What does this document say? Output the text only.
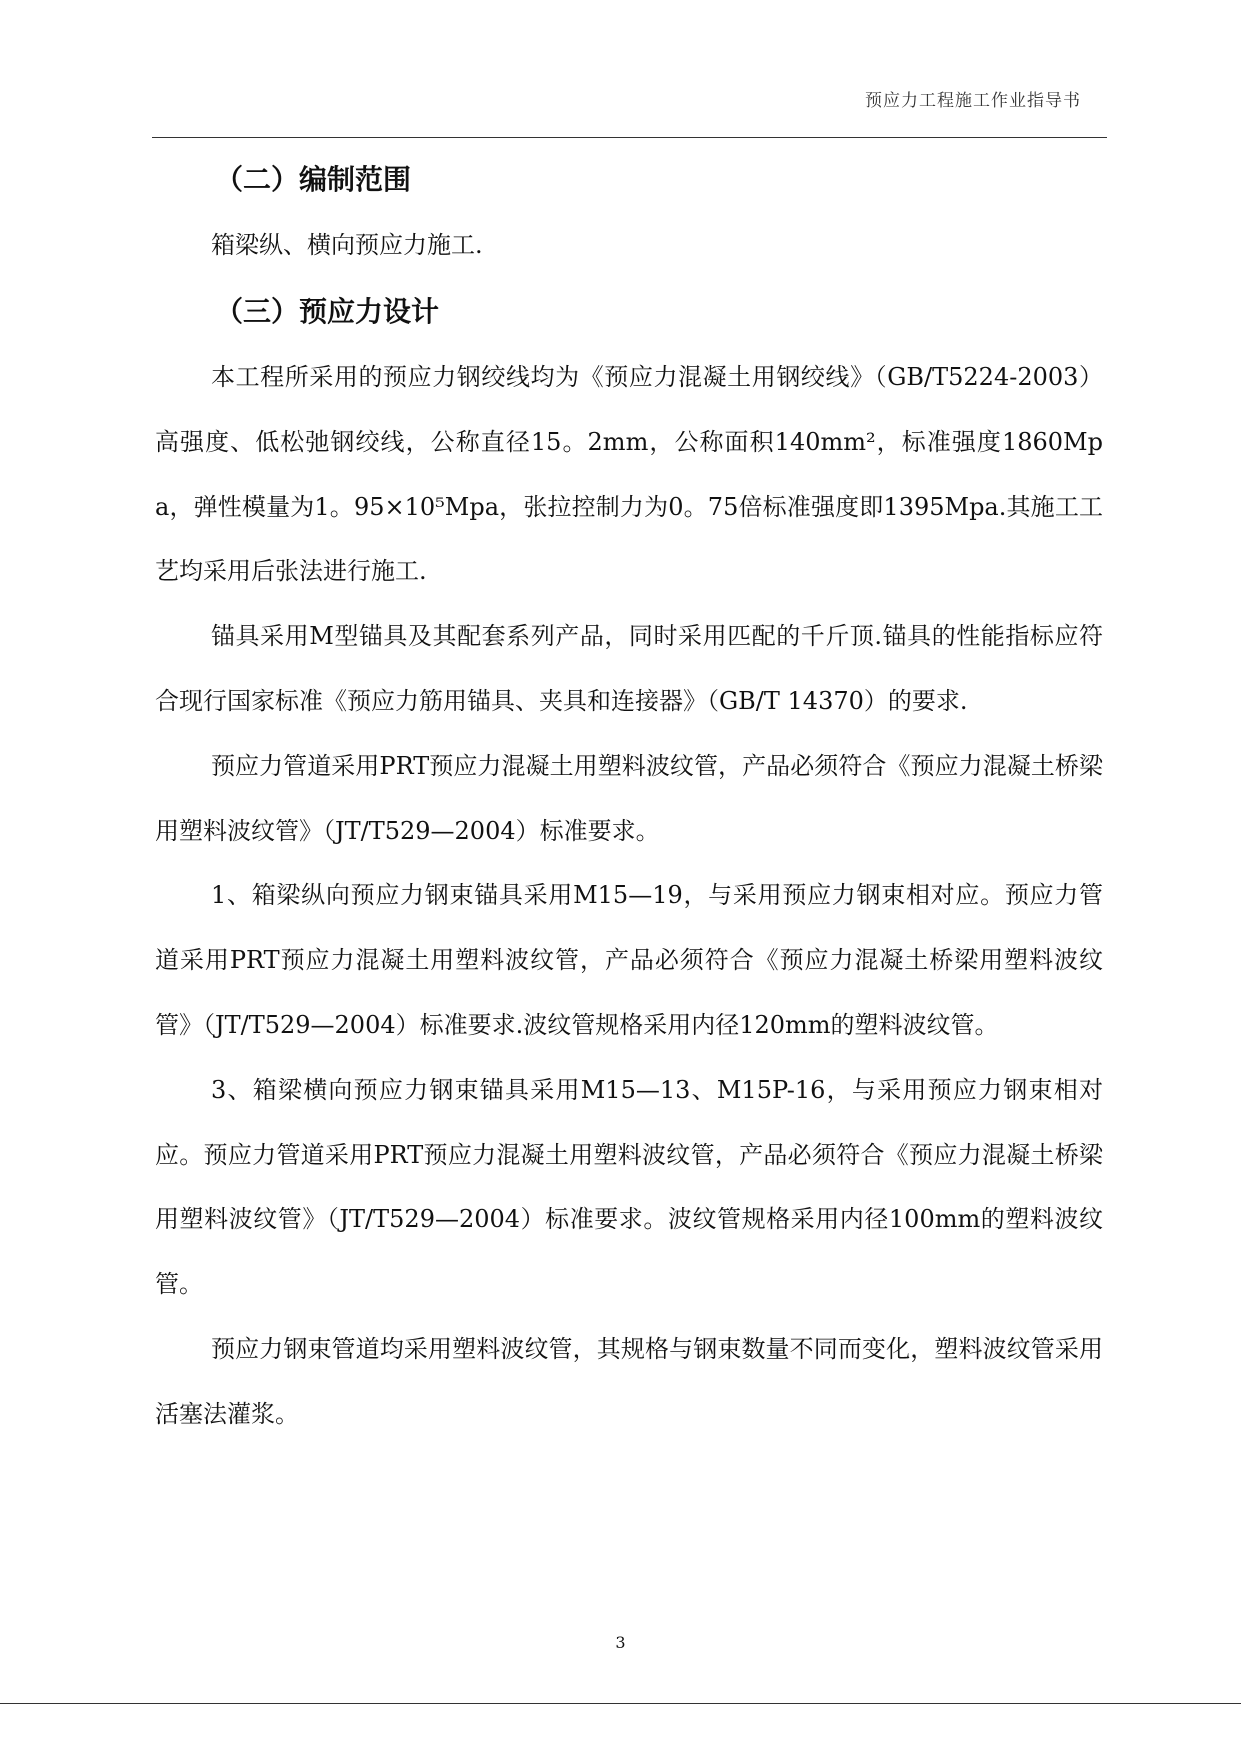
预应力工程施工作业指导书
（二）编制范围

箱梁纵、横向预应力施工.

（三）预应力设计

本工程所采用的预应力钢绞线均为《预应力混凝土用钢绞线》（GB/T5224-2003）高强度、低松弛钢绞线，公称直径15。2mm，公称面积140mm²，标准强度1860Mpa，弹性模量为1。95×10⁵Mpa，张拉控制力为0。75倍标准强度即1395Mpa.其施工工艺均采用后张法进行施工.

锚具采用M型锚具及其配套系列产品，同时采用匹配的千斤顶.锚具的性能指标应符合现行国家标准《预应力筋用锚具、夹具和连接器》（GB/T 14370）的要求.

预应力管道采用PRT预应力混凝土用塑料波纹管，产品必须符合《预应力混凝土桥梁用塑料波纹管》（JT/T529—2004）标准要求。

1、箱梁纵向预应力钢束锚具采用M15—19，与采用预应力钢束相对应。预应力管道采用PRT预应力混凝土用塑料波纹管，产品必须符合《预应力混凝土桥梁用塑料波纹管》（JT/T529—2004）标准要求.波纹管规格采用内径120mm的塑料波纹管。

3、箱梁横向预应力钢束锚具采用M15—13、M15P-16，与采用预应力钢束相对应。预应力管道采用PRT预应力混凝土用塑料波纹管，产品必须符合《预应力混凝土桥梁用塑料波纹管》（JT/T529—2004）标准要求。波纹管规格采用内径100mm的塑料波纹管。

预应力钢束管道均采用塑料波纹管，其规格与钢束数量不同而变化，塑料波纹管采用活塞法灌浆。

3
